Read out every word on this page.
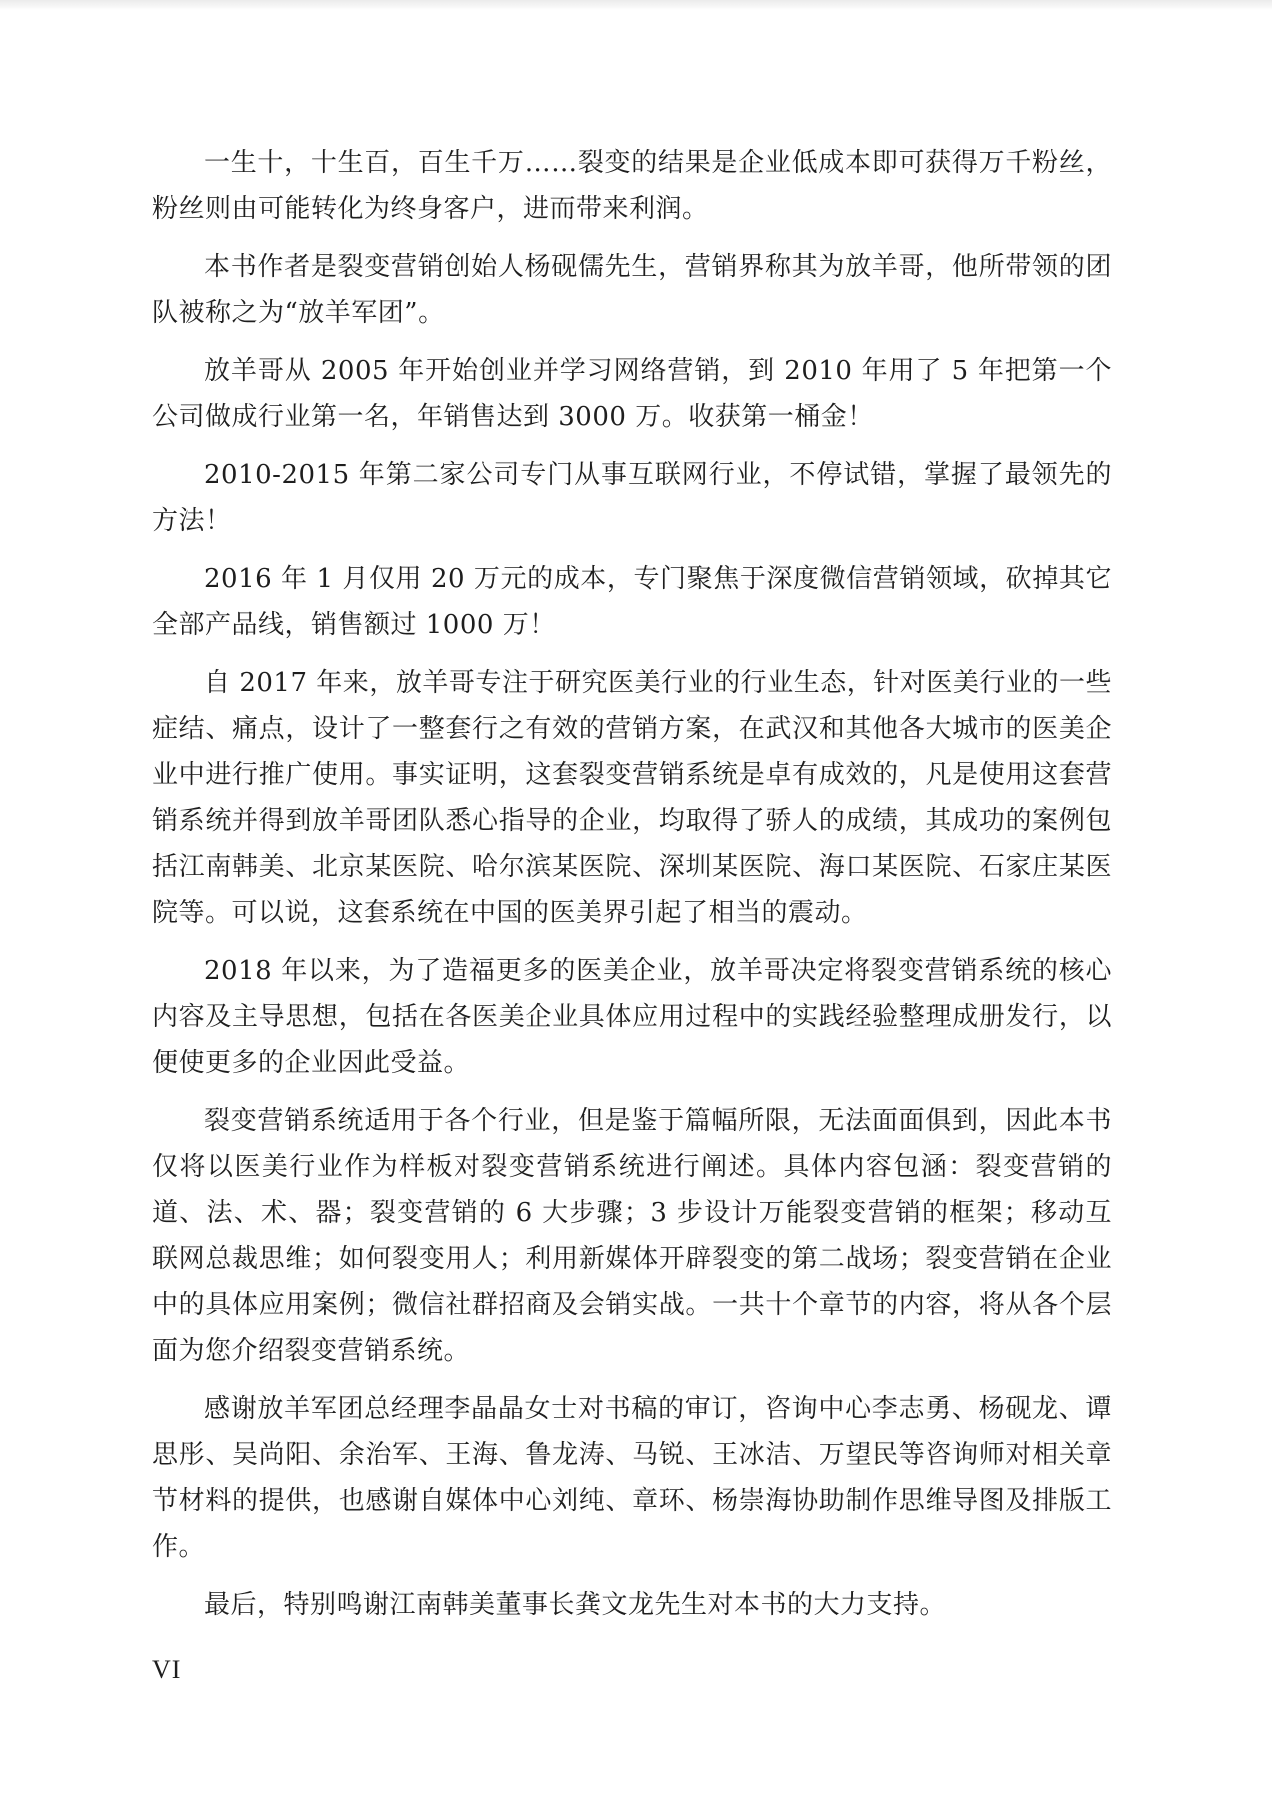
一生十，十生百，百生千万……裂变的结果是企业低成本即可获得万千粉丝，粉丝则由可能转化为终身客户，进而带来利润。

本书作者是裂变营销创始人杨砚儒先生，营销界称其为放羊哥，他所带领的团队被称之为“放羊军团”。

放羊哥从 2005 年开始创业并学习网络营销，到 2010 年用了 5 年把第一个公司做成行业第一名，年销售达到 3000 万。收获第一桶金！

2010-2015 年第二家公司专门从事互联网行业，不停试错，掌握了最领先的方法！

2016 年 1 月仅用 20 万元的成本，专门聚焦于深度微信营销领域，砍掉其它全部产品线，销售额过 1000 万！

自 2017 年来，放羊哥专注于研究医美行业的行业生态，针对医美行业的一些症结、痛点，设计了一整套行之有效的营销方案，在武汉和其他各大城市的医美企业中进行推广使用。事实证明，这套裂变营销系统是卓有成效的，凡是使用这套营销系统并得到放羊哥团队悉心指导的企业，均取得了骄人的成绩，其成功的案例包括江南韩美、北京某医院、哈尔滨某医院、深圳某医院、海口某医院、石家庄某医院等。可以说，这套系统在中国的医美界引起了相当的震动。

2018 年以来，为了造福更多的医美企业，放羊哥决定将裂变营销系统的核心内容及主导思想，包括在各医美企业具体应用过程中的实践经验整理成册发行，以便使更多的企业因此受益。

裂变营销系统适用于各个行业，但是鉴于篇幅所限，无法面面俱到，因此本书仅将以医美行业作为样板对裂变营销系统进行阐述。具体内容包涵：裂变营销的道、法、术、器；裂变营销的 6 大步骤；3 步设计万能裂变营销的框架；移动互联网总裁思维；如何裂变用人；利用新媒体开辟裂变的第二战场；裂变营销在企业中的具体应用案例；微信社群招商及会销实战。一共十个章节的内容，将从各个层面为您介绍裂变营销系统。

感谢放羊军团总经理李晶晶女士对书稿的审订，咨询中心李志勇、杨砚龙、谭思彤、吴尚阳、余治军、王海、鲁龙涛、马锐、王冰洁、万望民等咨询师对相关章节材料的提供，也感谢自媒体中心刘纯、章环、杨崇海协助制作思维导图及排版工作。

最后，特别鸣谢江南韩美董事长龚文龙先生对本书的大力支持。

VI
